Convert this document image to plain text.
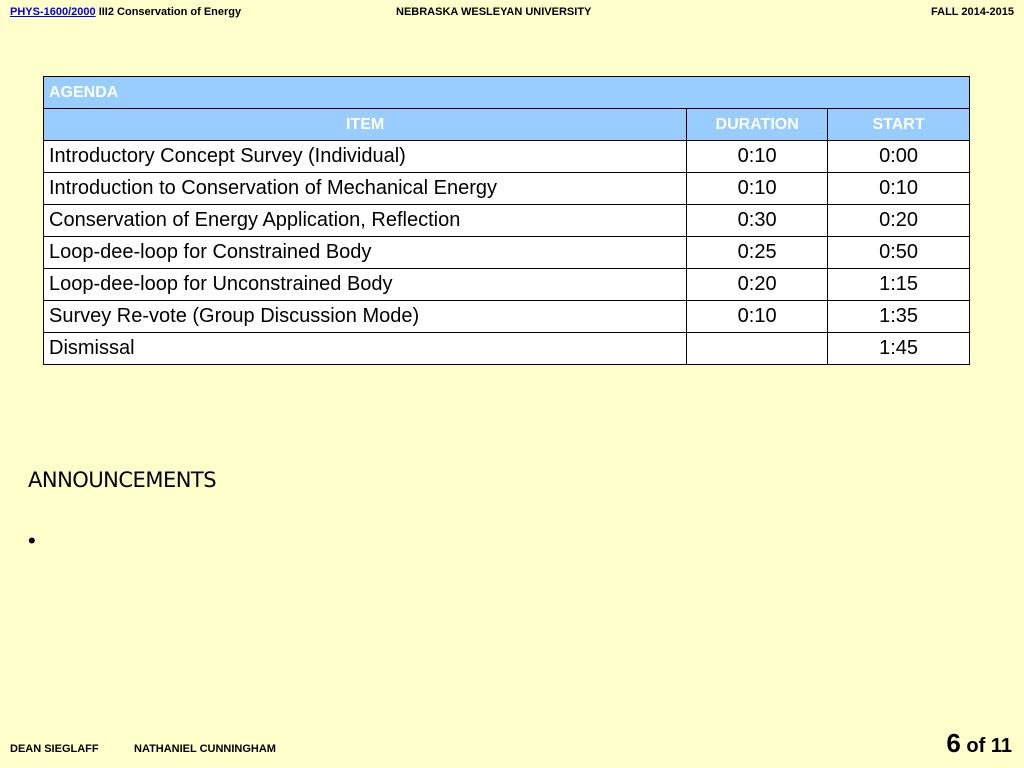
PHYS-1600/2000 III2 Conservation of Energy	NEBRASKA WESLEYAN UNIVERSITY	FALL 2014-2015
AGENDA		
ITEM	DURATION	START
Introductory Concept Survey (Individual)	0:10	0:00
Introduction to Conservation of Mechanical Energy	0:10	0:10
Conservation of Energy Application, Reflection	0:30	0:20
Loop-dee-loop for Constrained Body	0:25	0:50
Loop-dee-loop for Unconstrained Body	0:20	1:15
Survey Re-vote (Group Discussion Mode)	0:10	1:35
Dismissal		1:45
ANNOUNCEMENTS
•
DEAN SIEGLAFF	NATHANIEL CUNNINGHAM	6 of 11
